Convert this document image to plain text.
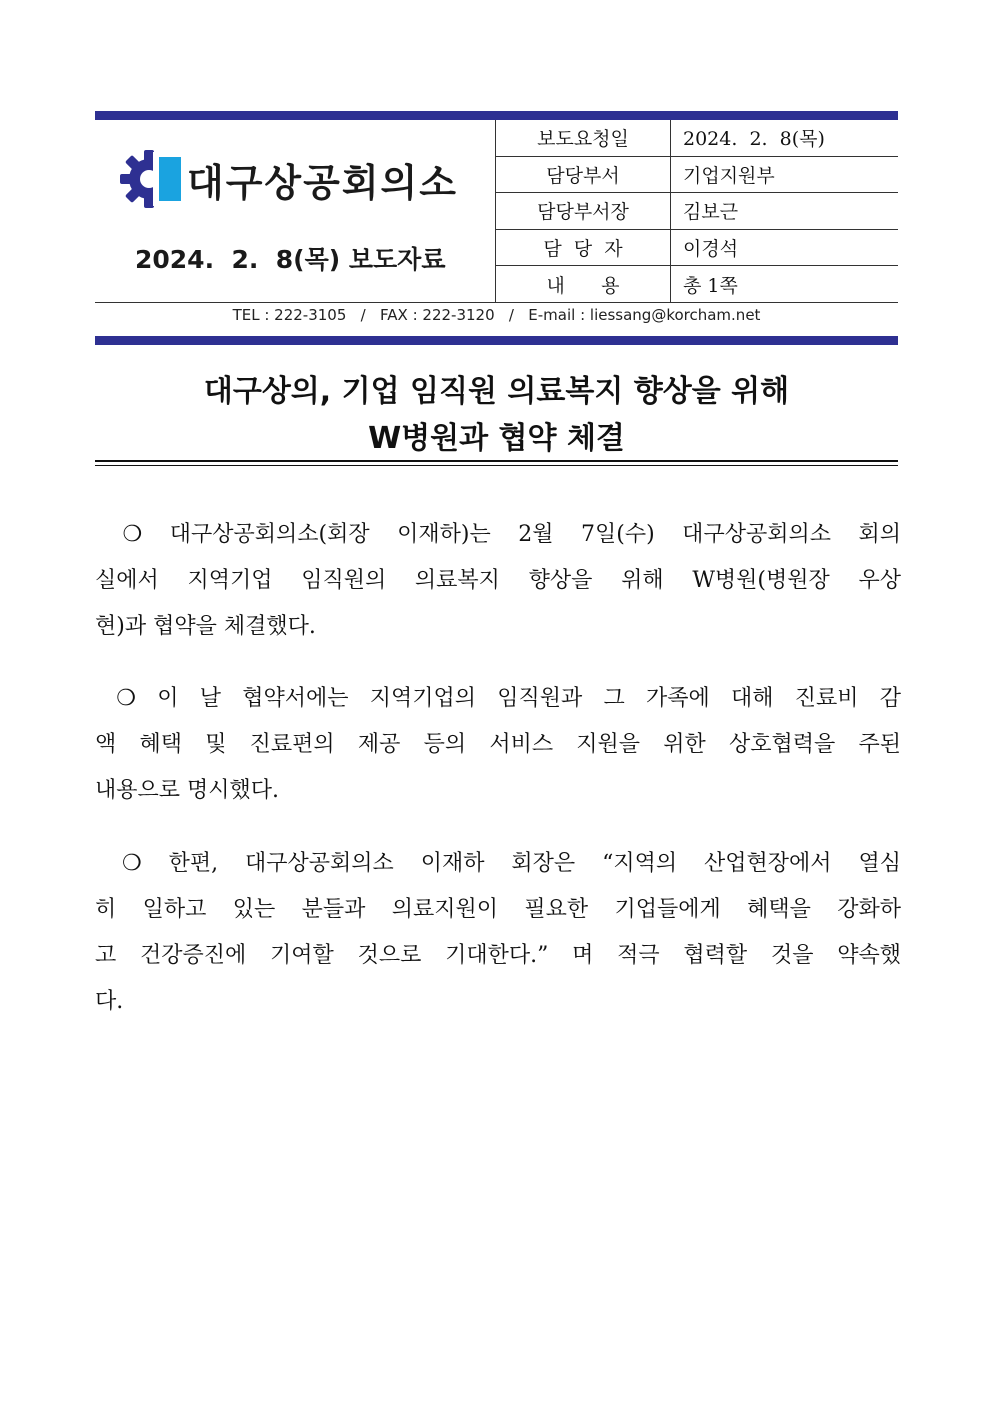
대구상공회의소
2024.  2.  8(목) 보도자료
보도요청일	2024.  2.  8(목)
담당부서	기업지원부
담당부서장	김보근
담  당  자	이경석
내      용	총 1쪽
TEL : 222-3105   /   FAX : 222-3120   /   E-mail : liessang@korcham.net
대구상의, 기업 임직원 의료복지 향상을 위해
W병원과 협약 체결
❍ 대구상공회의소(회장 이재하)는 2월 7일(수) 대구상공회의소 회의
실에서 지역기업 임직원의 의료복지 향상을 위해 W병원(병원장 우상
현)과 협약을 체결했다.
❍ 이 날 협약서에는 지역기업의 임직원과 그 가족에 대해 진료비 감
액 혜택 및 진료편의 제공 등의 서비스 지원을 위한 상호협력을 주된
내용으로 명시했다.
❍ 한편, 대구상공회의소 이재하 회장은 “지역의 산업현장에서 열심
히 일하고 있는 분들과 의료지원이 필요한 기업들에게 혜택을 강화하
고 건강증진에 기여할 것으로 기대한다.” 며 적극 협력할 것을 약속했
다.
